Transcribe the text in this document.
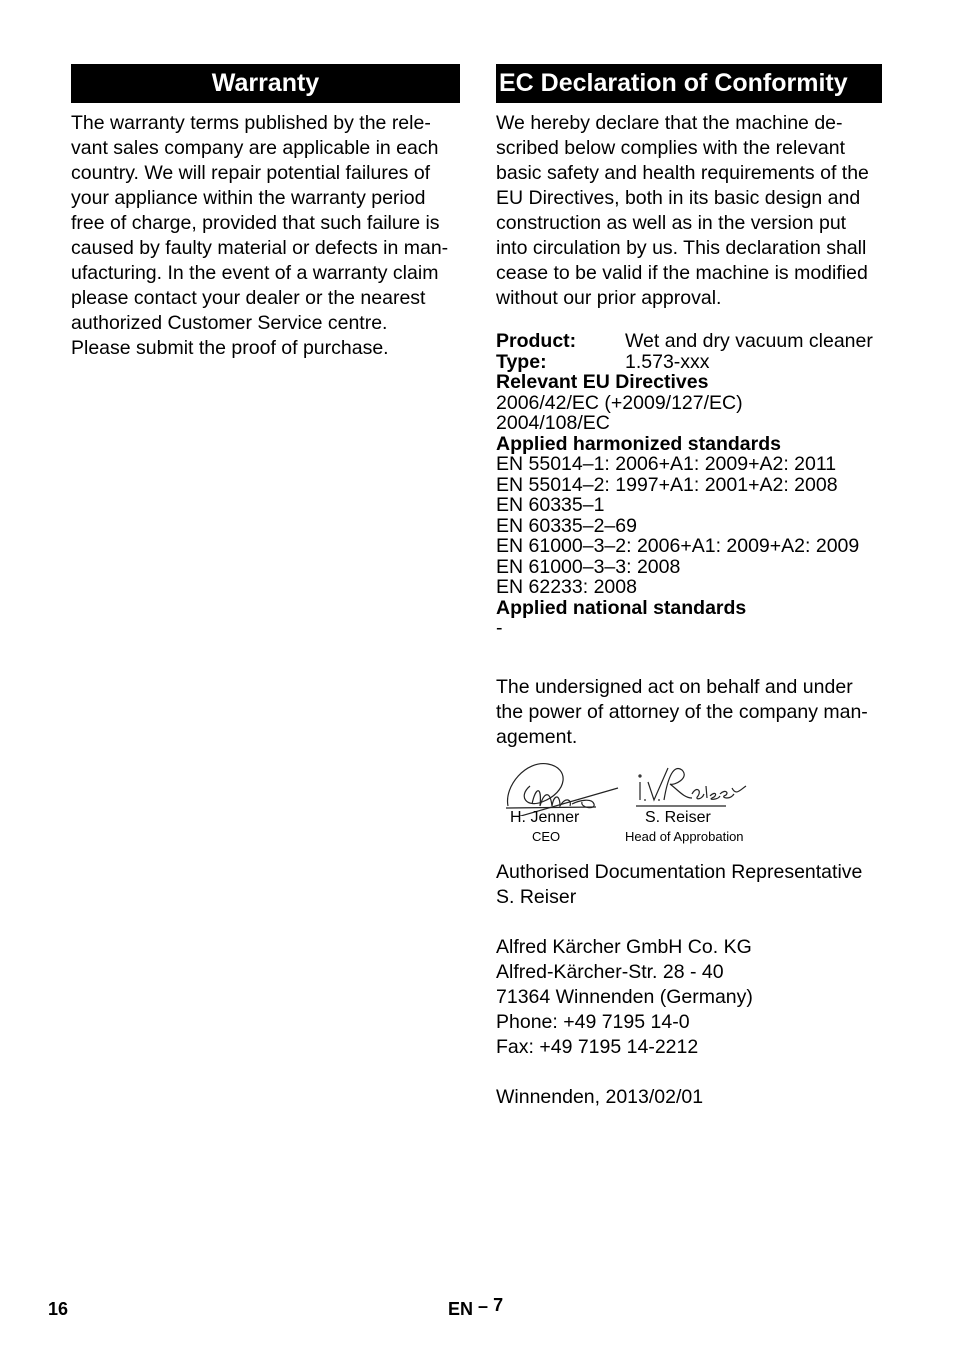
Warranty
The warranty terms published by the rele-
vant sales company are applicable in each
country. We will repair potential failures of
your appliance within the warranty period
free of charge, provided that such failure is
caused by faulty material or defects in man-
ufacturing. In the event of a warranty claim
please contact your dealer or the nearest
authorized Customer Service centre.
Please submit the proof of purchase.
EC Declaration of Conformity
We hereby declare that the machine de-
scribed below complies with the relevant
basic safety and health requirements of the
EU Directives, both in its basic design and
construction as well as in the version put
into circulation by us. This declaration shall
cease to be valid if the machine is modified
without our prior approval.
Product:	Wet and dry vacuum cleaner
Type:	1.573-xxx
Relevant EU Directives
2006/42/EC (+2009/127/EC)
2004/108/EC
Applied harmonized standards
EN 55014–1: 2006+A1: 2009+A2: 2011
EN 55014–2: 1997+A1: 2001+A2: 2008
EN 60335–1
EN 60335–2–69
EN 61000–3–2: 2006+A1: 2009+A2: 2009
EN 61000–3–3: 2008
EN 62233: 2008
Applied national standards
-
The undersigned act on behalf and under
the power of attorney of the company man-
agement.
H. Jenner
CEO
S. Reiser
Head of Approbation
Authorised Documentation Representative
S. Reiser
Alfred Kärcher GmbH Co. KG
Alfred-Kärcher-Str. 28 - 40
71364 Winnenden (Germany)
Phone: +49 7195 14-0
Fax: +49 7195 14-2212
Winnenden, 2013/02/01
16	EN – 7
